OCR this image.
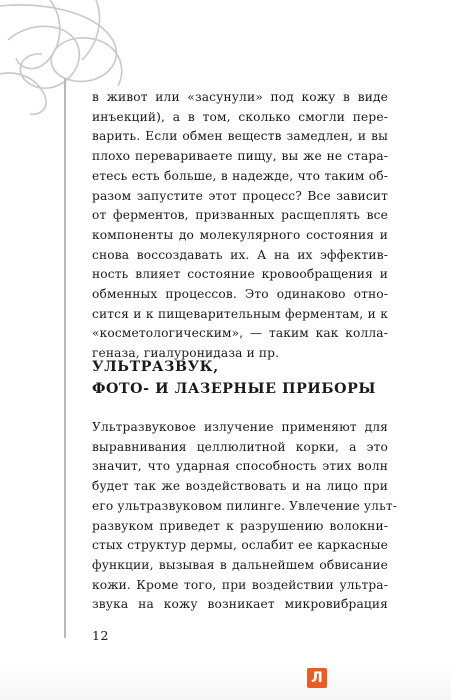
в живот или «засунули» под кожу в виде
инъекций), а в том, сколько смогли пере-
варить. Если обмен веществ замедлен, и вы
плохо перевариваете пищу, вы же не стара-
етесь есть больше, в надежде, что таким об-
разом запустите этот процесс? Все зависит
от ферментов, призванных расщеплять все
компоненты до молекулярного состояния и
снова воссоздавать их. А на их эффектив-
ность влияет состояние кровообращения и
обменных процессов. Это одинаково отно-
сится и к пищеварительным ферментам, и к
«косметологическим», — таким как колла-
геназа, гиалуронидаза и пр.
УЛЬТРАЗВУК,
ФОТО- И ЛАЗЕРНЫЕ ПРИБОРЫ
Ультразвуковое излучение применяют для
выравнивания целлюлитной корки, а это
значит, что ударная способность этих волн
будет так же воздействовать и на лицо при
его ультразвуковом пилинге. Увлечение ульт-
развуком приведет к разрушению волокни-
стых структур дермы, ослабит ее каркасные
функции, вызывая в дальнейшем обвисание
кожи. Кроме того, при воздействии ультра-
звука на кожу возникает микровибрация
12
Л
